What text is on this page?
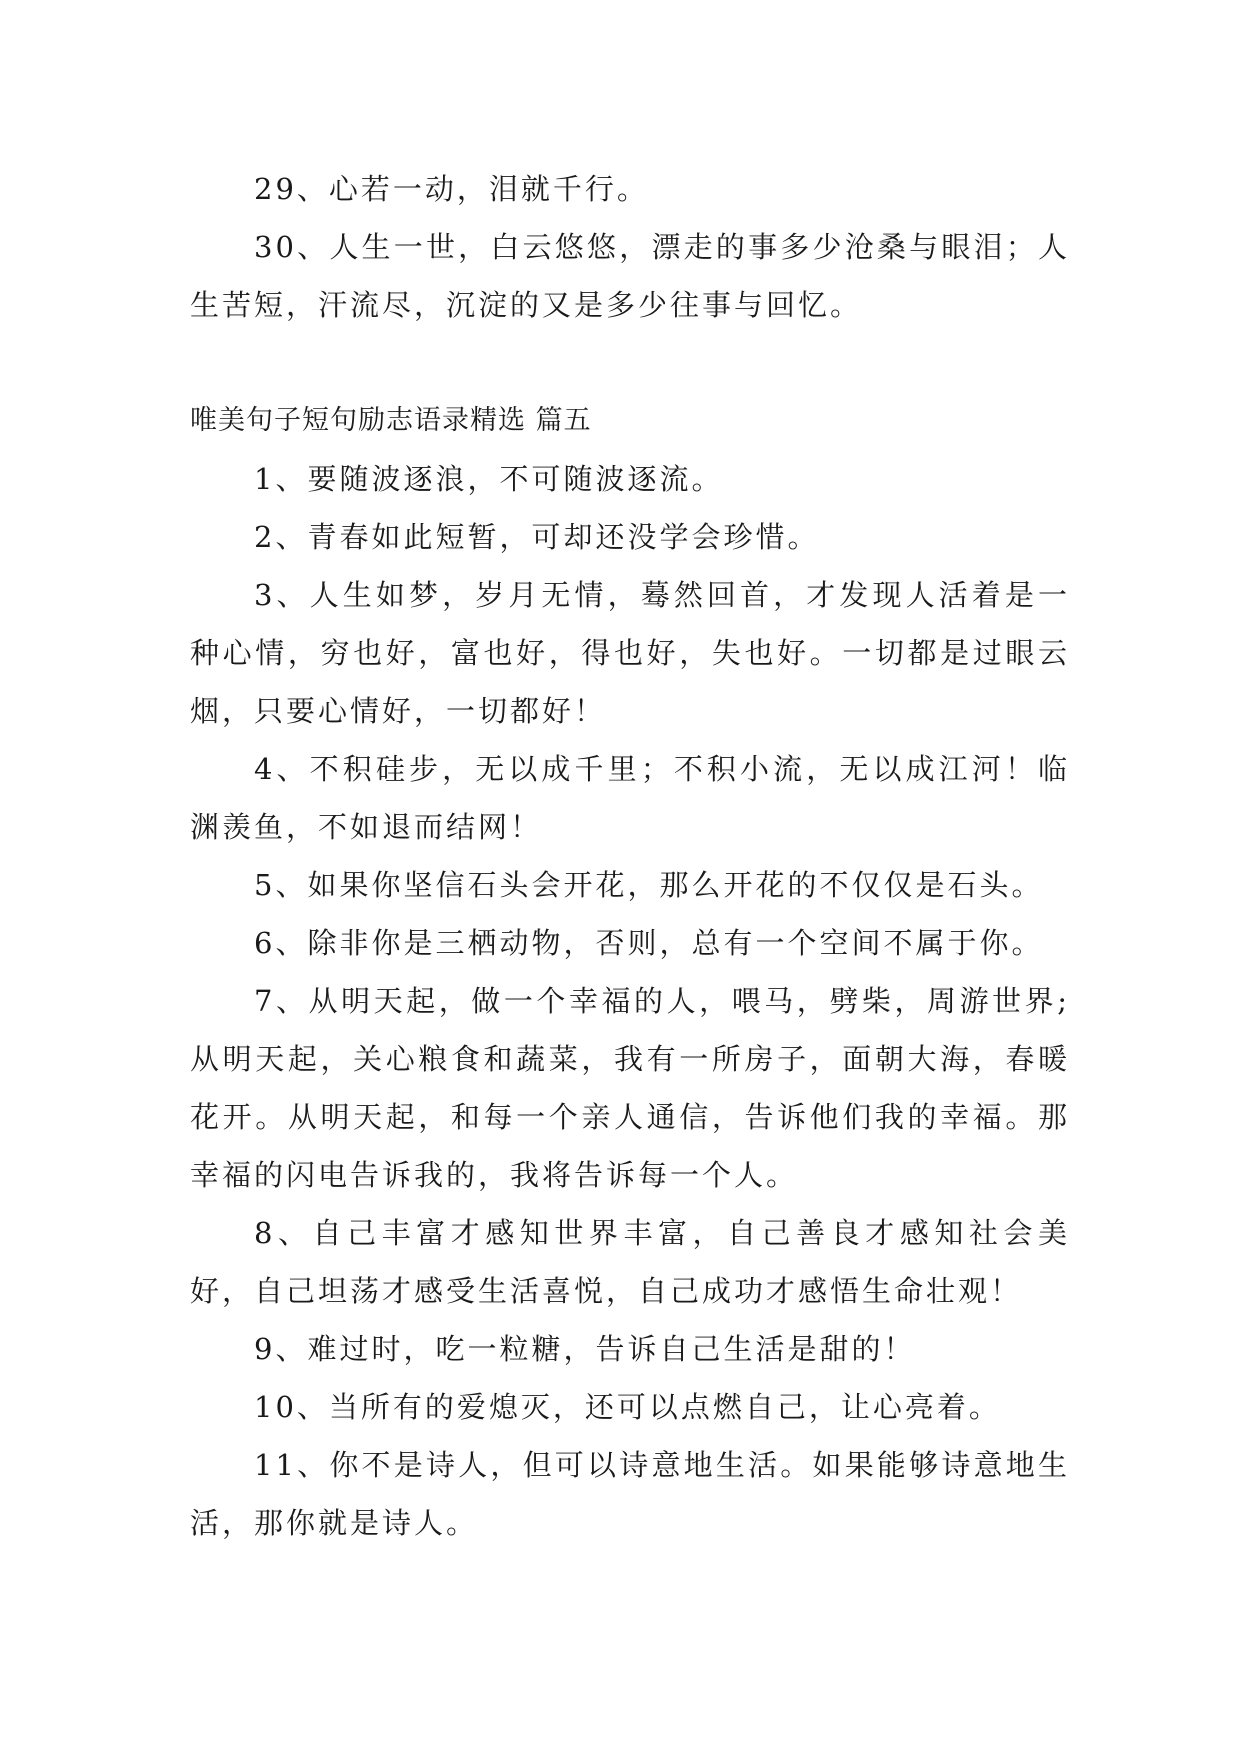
29、心若一动，泪就千行。

30、人生一世，白云悠悠，漂走的事多少沧桑与眼泪；人生苦短，汗流尽，沉淀的又是多少往事与回忆。

唯美句子短句励志语录精选 篇五

1、要随波逐浪，不可随波逐流。

2、青春如此短暂，可却还没学会珍惜。

3、人生如梦，岁月无情，蓦然回首，才发现人活着是一种心情，穷也好，富也好，得也好，失也好。一切都是过眼云烟，只要心情好，一切都好！

4、不积硅步，无以成千里；不积小流，无以成江河！临渊羡鱼，不如退而结网！

5、如果你坚信石头会开花，那么开花的不仅仅是石头。

6、除非你是三栖动物，否则，总有一个空间不属于你。

7、从明天起，做一个幸福的人，喂马，劈柴，周游世界;从明天起，关心粮食和蔬菜，我有一所房子，面朝大海，春暖花开。从明天起，和每一个亲人通信，告诉他们我的幸福。那幸福的闪电告诉我的，我将告诉每一个人。

8、自己丰富才感知世界丰富，自己善良才感知社会美好，自己坦荡才感受生活喜悦，自己成功才感悟生命壮观！

9、难过时，吃一粒糖，告诉自己生活是甜的！

10、当所有的爱熄灭，还可以点燃自己，让心亮着。

11、你不是诗人，但可以诗意地生活。如果能够诗意地生活，那你就是诗人。
